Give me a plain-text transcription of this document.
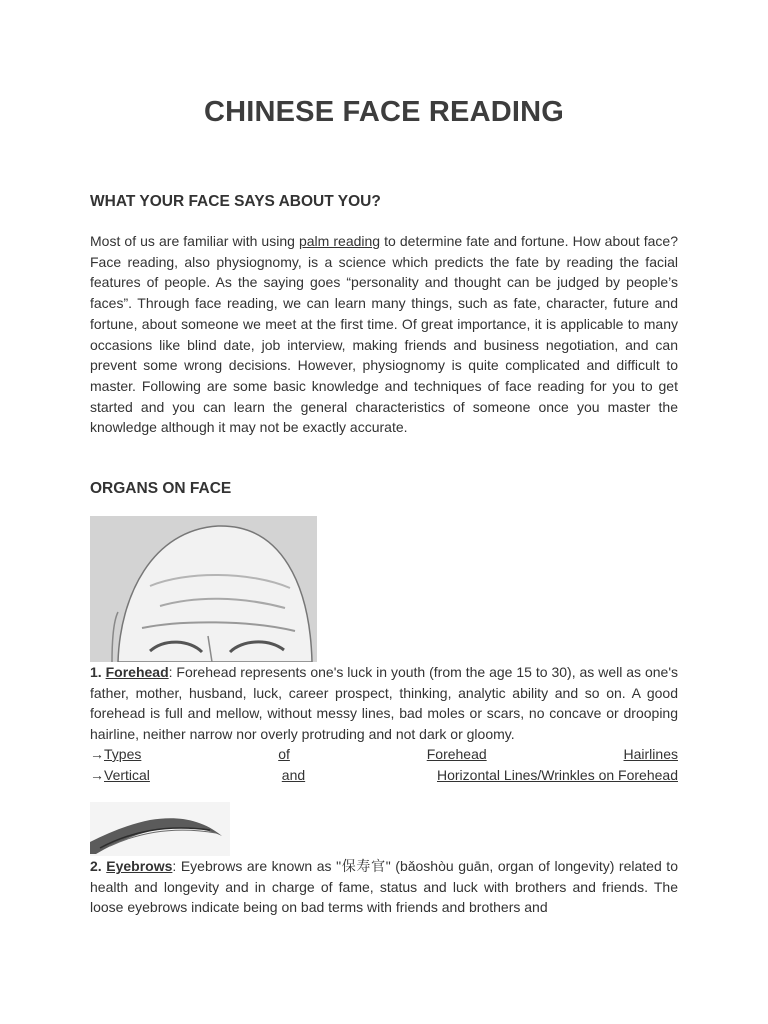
CHINESE FACE READING
WHAT YOUR FACE SAYS ABOUT YOU?

Most of us are familiar with using palm reading to determine fate and fortune. How about face? Face reading, also physiognomy, is a science which predicts the fate by reading the facial features of people. As the saying goes “personality and thought can be judged by people’s faces”. Through face reading, we can learn many things, such as fate, character, future and fortune, about someone we meet at the first time. Of great importance, it is applicable to many occasions like blind date, job interview, making friends and business negotiation, and can prevent some wrong decisions. However, physiognomy is quite complicated and difficult to master. Following are some basic knowledge and techniques of face reading for you to get started and you can learn the general characteristics of someone once you master the knowledge although it may not be exactly accurate.

ORGANS ON FACE

1. Forehead: Forehead represents one's luck in youth (from the age 15 to 30), as well as one's father, mother, husband, luck, career prospect, thinking, analytic ability and so on. A good forehead is full and mellow, without messy lines, bad moles or scars, no concave or drooping hairline, neither narrow nor overly protruding and not dark or gloomy.

→Types	of	Forehead	Hairlines
→Vertical	and	Horizontal Lines/Wrinkles on Forehead

2. Eyebrows: Eyebrows are known as "保寿官" (bǎoshòu guān, organ of longevity) related to health and longevity and in charge of fame, status and luck with brothers and friends. The loose eyebrows indicate being on bad terms with friends and brothers and
